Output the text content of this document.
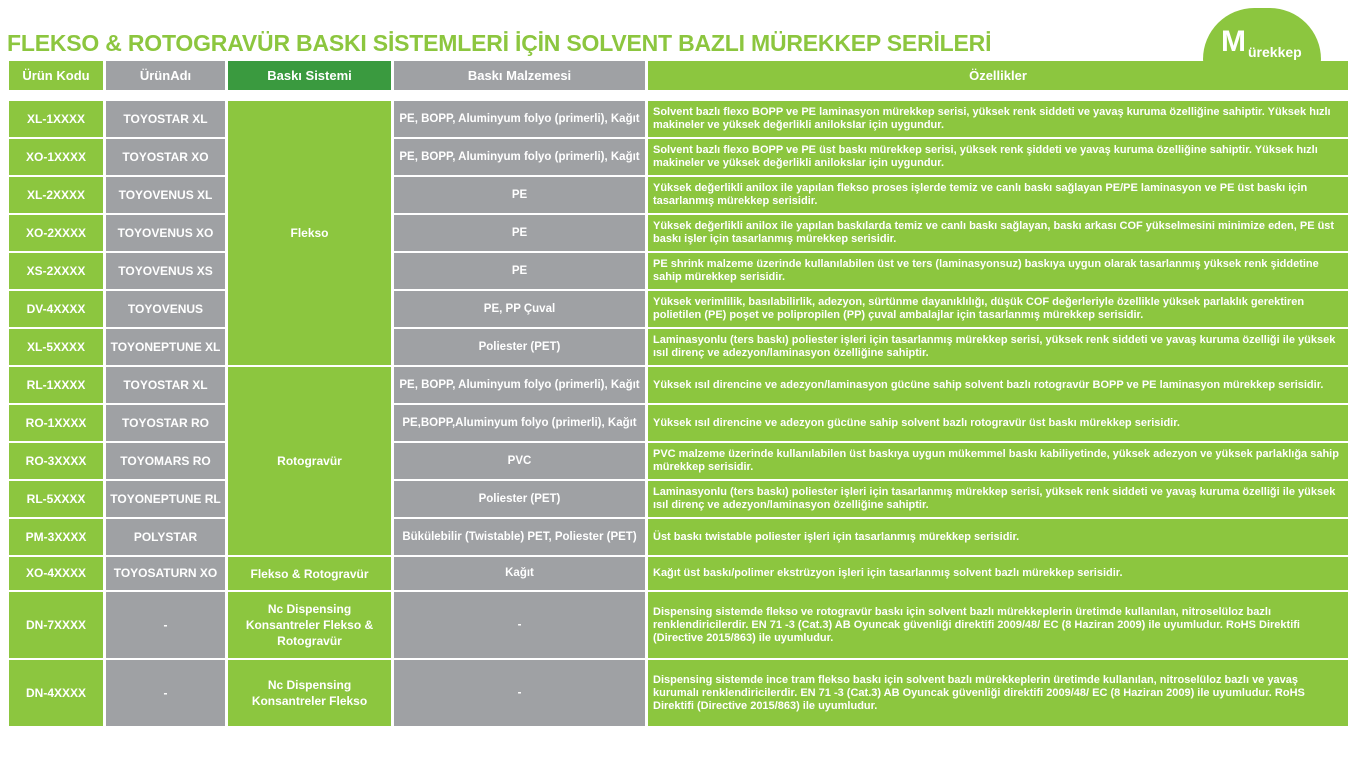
FLEKSO & ROTOGRAVÜR BASKI SİSTEMLERİ İÇİN SOLVENT BAZLI MÜREKKEP SERİLERİ	M ürekkep
Ürün Kodu	ÜrünAdı	Baskı Sistemi	Baskı Malzemesi	Özellikler

XL-1XXXX	TOYOSTAR XL	Flekso	PE, BOPP, Aluminyum folyo (primerli), Kağıt	Solvent bazlı flexo BOPP ve PE laminasyon mürekkep serisi, yüksek renk siddeti ve yavaş kuruma özelliğine sahiptir. Yüksek hızlı makineler ve yüksek değerlikli aniloksIar için uygundur.
XO-1XXXX	TOYOSTAR XO		PE, BOPP, Aluminyum folyo (primerli), Kağıt	Solvent bazlı flexo BOPP ve PE üst baskı mürekkep serisi, yüksek renk şiddeti ve yavaş kuruma özelliğine sahiptir. Yüksek hızlı makineler ve yüksek değerlikli aniloksIar için uygundur.
XL-2XXXX	TOYOVENUS XL		PE	Yüksek değerlikli anilox ile yapılan flekso proses işlerde temiz ve canlı baskı sağlayan PE/PE laminasyon ve PE üst baskı için tasarlanmış mürekkep serisidir.
XO-2XXXX	TOYOVENUS XO		PE	Yüksek değerlikli anilox ile yapılan baskılarda temiz ve canlı baskı sağlayan, baskı arkası COF yükselmesini minimize eden, PE üst baskı işler için tasarlanmış mürekkep serisidir.
XS-2XXXX	TOYOVENUS XS		PE	PE shrink malzeme üzerinde kullanılabilen üst ve ters (laminasyonsuz) baskıya uygun olarak tasarlanmış yüksek renk şiddetine sahip mürekkep serisidir.
DV-4XXXX	TOYOVENUS		PE, PP Çuval	Yüksek verimlilik, basılabilirlik, adezyon, sürtünme dayanıklılığı, düşük COF değerleriyle özellikle yüksek parlaklık gerektiren polietilen (PE) poşet ve polipropilen (PP) çuval ambalajlar için tasarlanmış mürekkep serisidir.
XL-5XXXX	TOYONEPTUNE XL		Poliester (PET)	Laminasyonlu (ters baskı) poliester işleri için tasarlanmış mürekkep serisi, yüksek renk siddeti ve yavaş kuruma özelliği ile yüksek ısıl direnç ve adezyon/laminasyon özelliğine sahiptir.
RL-1XXXX	TOYOSTAR XL	Rotogravür	PE, BOPP, Aluminyum folyo (primerli), Kağıt	Yüksek ısıl direncine ve adezyon/laminasyon gücüne sahip solvent bazlı rotogravür BOPP ve PE laminasyon mürekkep serisidir.
RO-1XXXX	TOYOSTAR RO		PE,BOPP,Aluminyum folyo (primerli), Kağıt	Yüksek ısıl direncine ve adezyon gücüne sahip solvent bazlı rotogravür üst baskı mürekkep serisidir.
RO-3XXXX	TOYOMARS RO		PVC	PVC malzeme üzerinde kullanılabilen üst baskıya uygun mükemmel baskı kabiliyetinde, yüksek adezyon ve yüksek parlaklığa sahip mürekkep serisidir.
RL-5XXXX	TOYONEPTUNE RL		Poliester (PET)	Laminasyonlu (ters baskı) poliester işleri için tasarlanmış mürekkep serisi, yüksek renk siddeti ve yavaş kuruma özelliği ile yüksek ısıl direnç ve adezyon/laminasyon özelliğine sahiptir.
PM-3XXXX	POLYSTAR		Bükülebilir (Twistable) PET, Poliester (PET)	Üst baskı twistable poliester işleri için tasarlanmış mürekkep serisidir.
XO-4XXXX	TOYOSATURN XO	Flekso & Rotogravür	Kağıt	Kağıt üst baskı/polimer ekstrüzyon işleri için tasarlanmış solvent bazlı mürekkep serisidir.
DN-7XXXX	-	Nc Dispensing Konsantreler Flekso & Rotogravür	-	Dispensing sistemde flekso ve rotogravür baskı için solvent bazlı mürekkeplerin üretimde kullanılan, nitroselüloz bazlı renklendiricilerdir. EN 71 -3 (Cat.3) AB Oyuncak güvenliği direktifi 2009/48/ EC (8 Haziran 2009) ile uyumludur. RoHS Direktifi (Directive 2015/863) ile uyumludur.
DN-4XXXX	-	Nc Dispensing Konsantreler Flekso	-	Dispensing sistemde ince tram flekso baskı için solvent bazlı mürekkeplerin üretimde kullanılan, nitroselüloz bazlı ve yavaş kurumalı renklendiricilerdir. EN 71 -3 (Cat.3) AB Oyuncak güvenliği direktifi 2009/48/ EC (8 Haziran 2009) ile uyumludur. RoHS Direktifi (Directive 2015/863) ile uyumludur.
